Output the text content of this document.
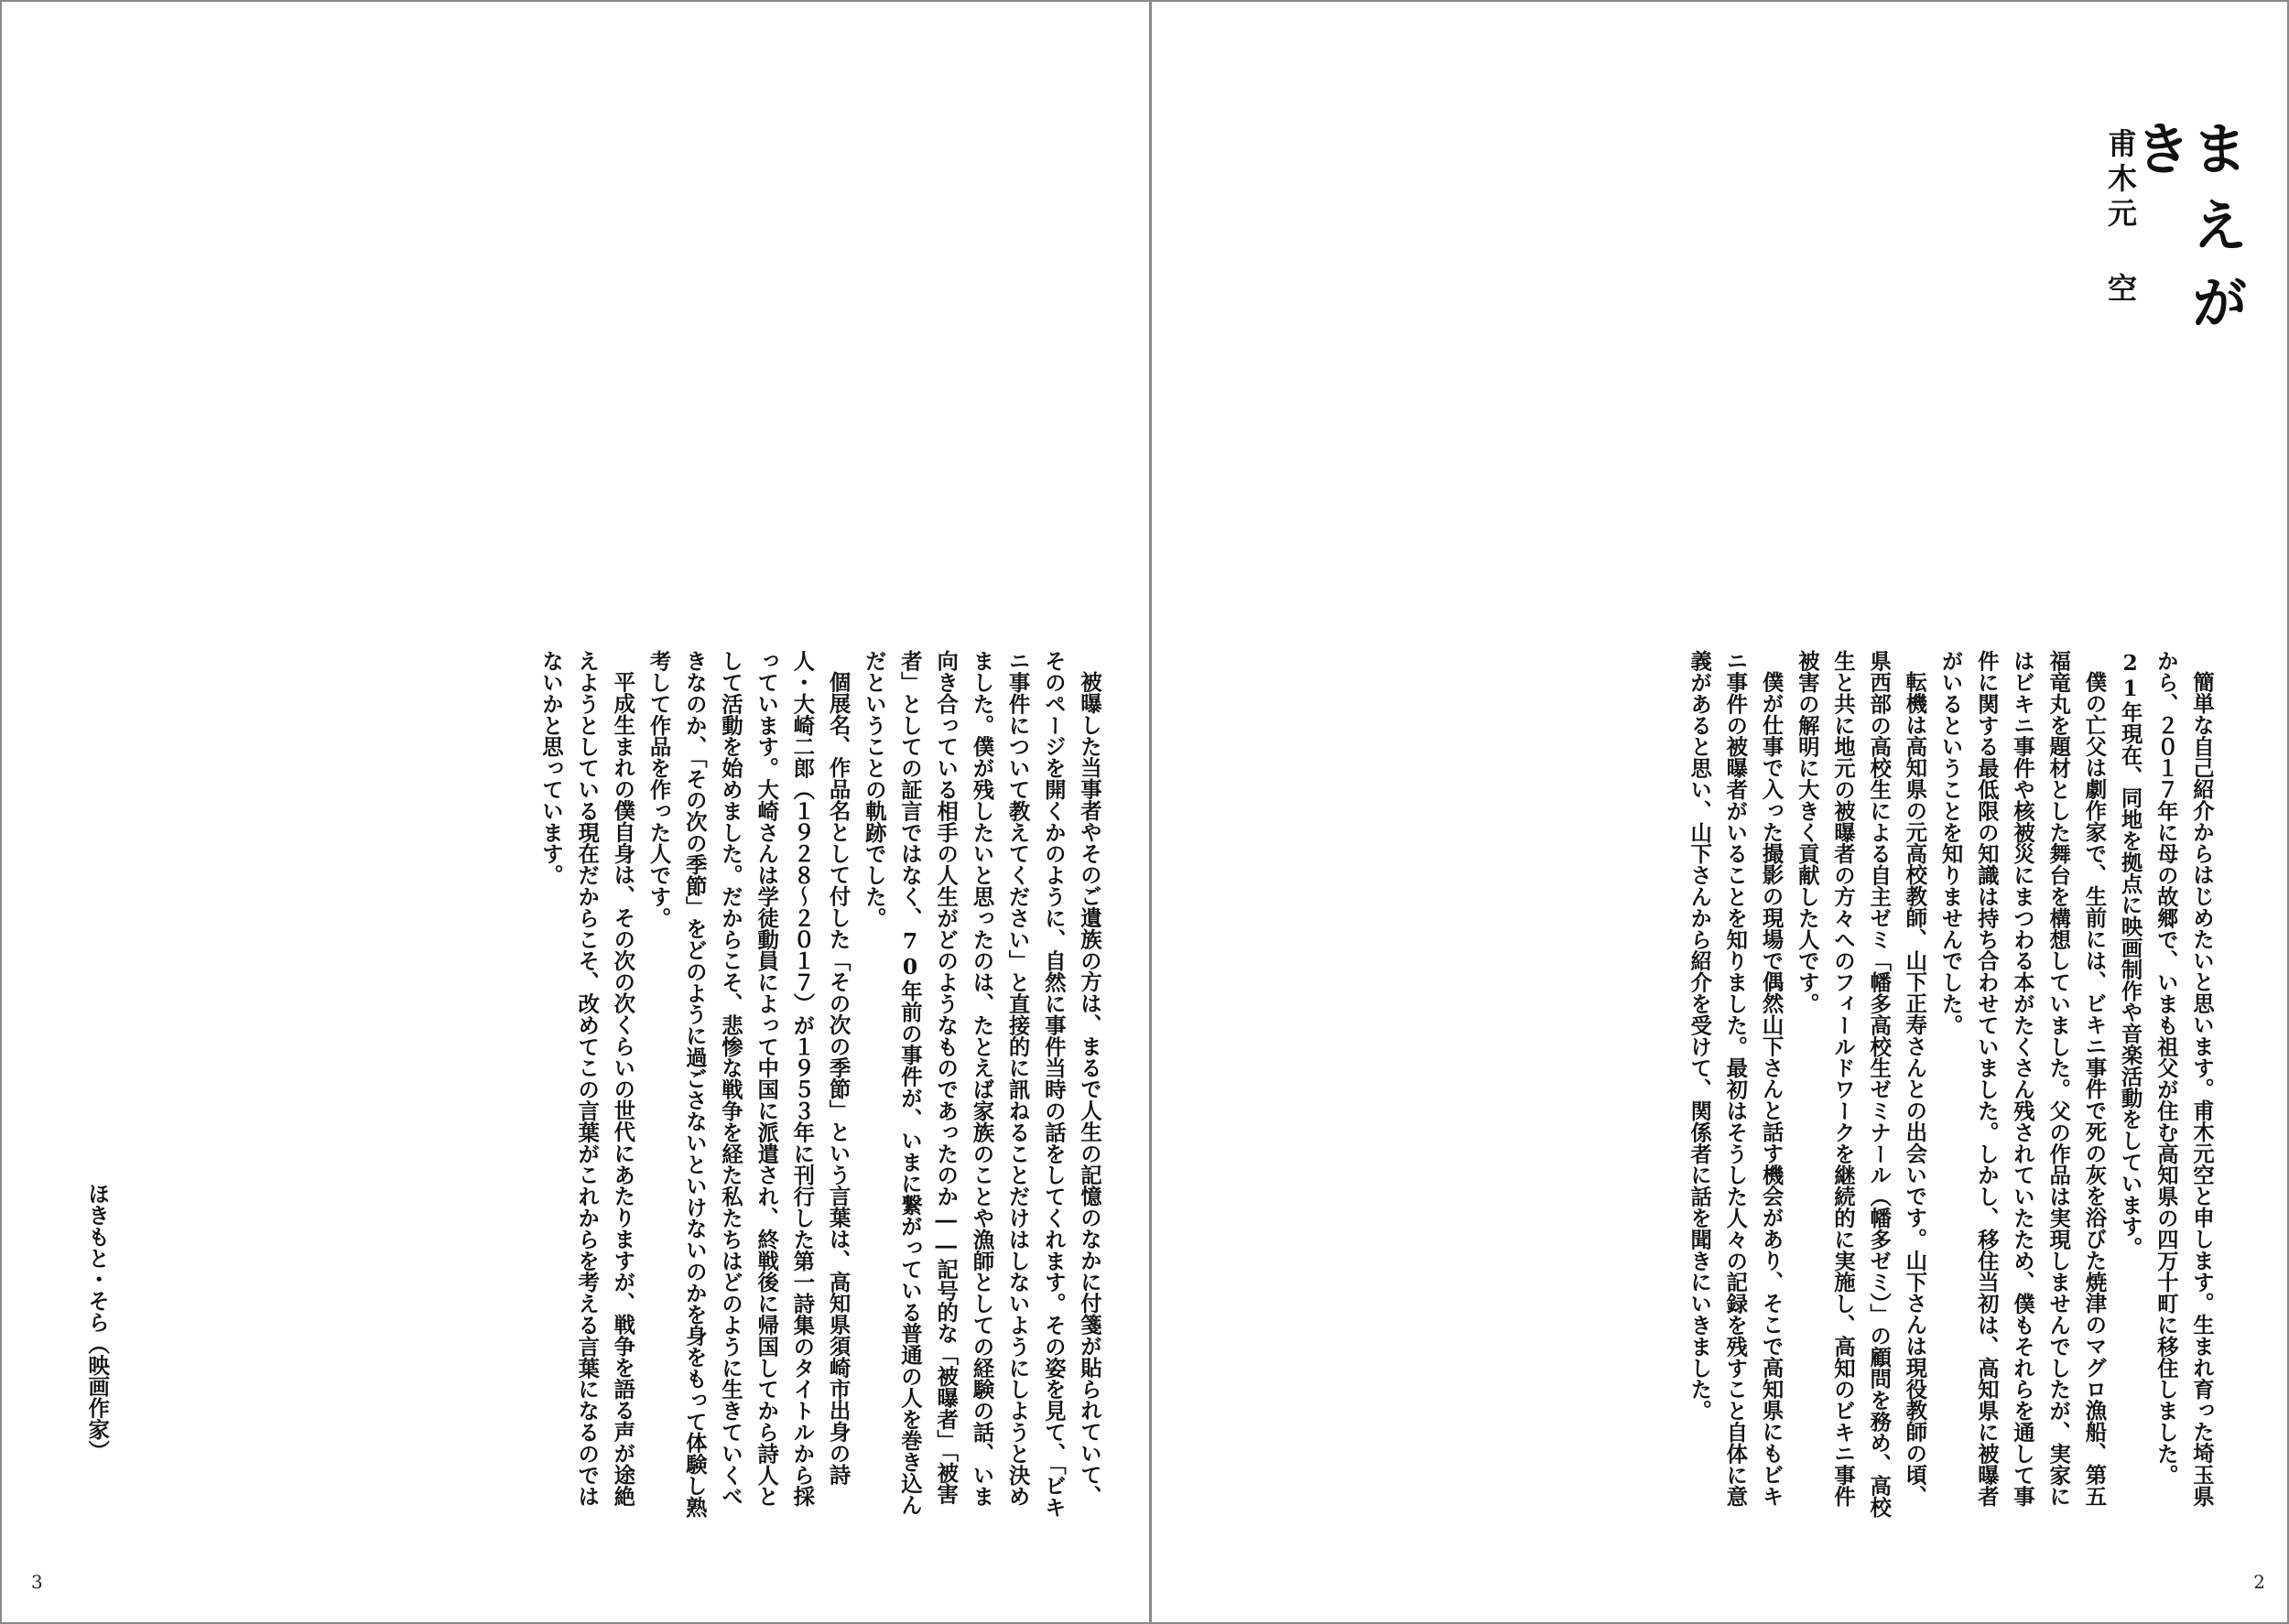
被曝した当事者やそのご遺族の方は、まるで人生の記憶のなかに付箋が貼られていて、そのページを開くかのように、自然に事件当時の話をしてくれます。その姿を見て、「ビキニ事件について教えてください」と直接的に訊ねることだけはしないようにしようと決めました。僕が残したいと思ったのは、たとえば家族のことや漁師としての経験の話、いま向き合っている相手の人生がどのようなものであったのか――記号的な「被曝者」「被害者」としての証言ではなく、70年前の事件が、いまに繋がっている普通の人を巻き込んだということの軌跡でした。
個展名、作品名として付した「その次の季節」という言葉は、高知県須崎市出身の詩人・大崎二郎（１９２８～２０１７）が１９５３年に刊行した第一詩集のタイトルから採っています。大崎さんは学徒動員によって中国に派遣され、終戦後に帰国してから詩人として活動を始めました。だからこそ、悲惨な戦争を経た私たちはどのように生きていくべきなのか、「その次の季節」をどのように過ごさないといけないのかを身をもって体験し熟考して作品を作った人です。
平成生まれの僕自身は、その次の次くらいの世代にあたりますが、戦争を語る声が途絶えようとしている現在だからこそ、改めてこの言葉がこれからを考える言葉になるのではないかと思っています。
ほきもと・そら（映画作家）
3
まえがき
甫木元 空
簡単な自己紹介からはじめたいと思います。甫木元空と申します。生まれ育った埼玉県から、２０１７年に母の故郷で、いまも祖父が住む高知県の四万十町に移住しました。21年現在、同地を拠点に映画制作や音楽活動をしています。
僕の亡父は劇作家で、生前には、ビキニ事件で死の灰を浴びた焼津のマグロ漁船、第五福竜丸を題材とした舞台を構想していました。父の作品は実現しませんでしたが、実家にはビキニ事件や核被災にまつわる本がたくさん残されていたため、僕もそれらを通して事件に関する最低限の知識は持ち合わせていました。しかし、移住当初は、高知県に被曝者がいるということを知りませんでした。
転機は高知県の元高校教師、山下正寿さんとの出会いです。山下さんは現役教師の頃、県西部の高校生による自主ゼミ「幡多高校生ゼミナール（幡多ゼミ）」の顧問を務め、高校生と共に地元の被曝者の方々へのフィールドワークを継続的に実施し、高知のビキニ事件被害の解明に大きく貢献した人です。
僕が仕事で入った撮影の現場で偶然山下さんと話す機会があり、そこで高知県にもビキニ事件の被曝者がいることを知りました。最初はそうした人々の記録を残すこと自体に意義があると思い、山下さんから紹介を受けて、関係者に話を聞きにいきました。
2
